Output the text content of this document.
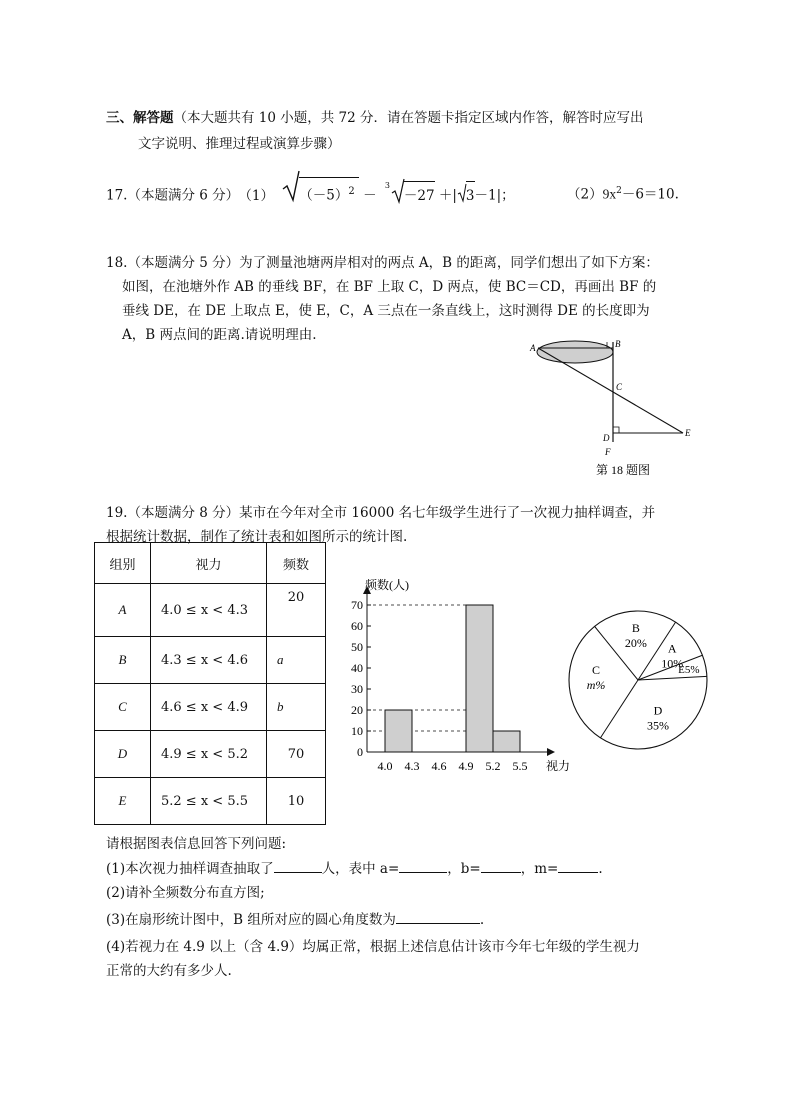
三、解答题（本大题共有 10 小题，共 72 分．请在答题卡指定区域内作答，解答时应写出
文字说明、推理过程或演算步骤）
17.（本题满分 6 分） （1） $(-5)^2$ －
3
－27 ＋| 3－1|；	$(2)9x^2-6=10$.
18.（本题满分 5 分）为了测量池塘两岸相对的两点 A，B 的距离，同学们想出了如下方案：
如图，在池塘外作 AB 的垂线 BF，在 BF 上取 C，D 两点，使 BC＝CD，再画出 BF 的
垂线 DE，在 DE 上取点 E，使 E，C，A 三点在一条直线上，这时测得 DE 的长度即为
A，B 两点间的距离.请说明理由.
A	B
C
D	E
F
第 18 题图
19.（本题满分 8 分）某市在今年对全市 16000 名七年级学生进行了一次视力抽样调查，并
根据统计数据，制作了统计表和如图所示的统计图.
组别	视力	频数
A	4.0 ≤ x < 4.3	20
B	4.3 ≤ x < 4.6	a
C	4.6 ≤ x < 4.9	b
D	4.9 ≤ x < 5.2	70
E	5.2 ≤ x < 5.5	10
10
20
30
40
50
60
70
0
4.0 4.3 4.6 4.9 5.2 5.5
频数(人)
视力
E5%
A
10%
B
20%
C
m%
D
35%
请根据图表信息回答下列问题:
(1)本次视力抽样调查抽取了	人，表中 a=	，b=	，m=	.
(2)请补全频数分布直方图;
(3)在扇形统计图中，B 组所对应的圆心角度数为	.
(4)若视力在 4.9 以上（含 4.9）均属正常，根据上述信息估计该市今年七年级的学生视力
正常的大约有多少人.
